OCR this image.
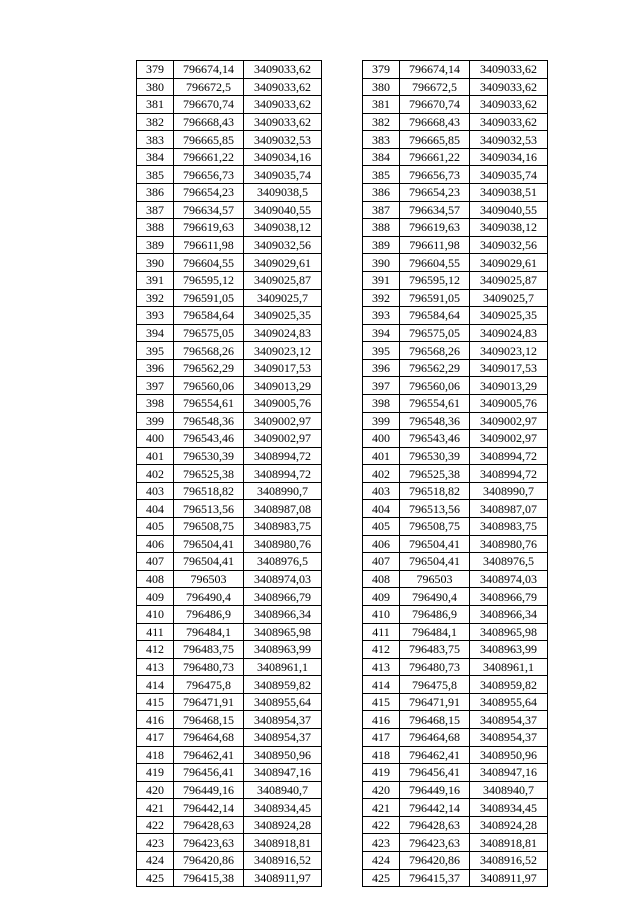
379	796674,14	3409033,62
380	796672,5	3409033,62
381	796670,74	3409033,62
382	796668,43	3409033,62
383	796665,85	3409032,53
384	796661,22	3409034,16
385	796656,73	3409035,74
386	796654,23	3409038,5
387	796634,57	3409040,55
388	796619,63	3409038,12
389	796611,98	3409032,56
390	796604,55	3409029,61
391	796595,12	3409025,87
392	796591,05	3409025,7
393	796584,64	3409025,35
394	796575,05	3409024,83
395	796568,26	3409023,12
396	796562,29	3409017,53
397	796560,06	3409013,29
398	796554,61	3409005,76
399	796548,36	3409002,97
400	796543,46	3409002,97
401	796530,39	3408994,72
402	796525,38	3408994,72
403	796518,82	3408990,7
404	796513,56	3408987,08
405	796508,75	3408983,75
406	796504,41	3408980,76
407	796504,41	3408976,5
408	796503	3408974,03
409	796490,4	3408966,79
410	796486,9	3408966,34
411	796484,1	3408965,98
412	796483,75	3408963,99
413	796480,73	3408961,1
414	796475,8	3408959,82
415	796471,91	3408955,64
416	796468,15	3408954,37
417	796464,68	3408954,37
418	796462,41	3408950,96
419	796456,41	3408947,16
420	796449,16	3408940,7
421	796442,14	3408934,45
422	796428,63	3408924,28
423	796423,63	3408918,81
424	796420,86	3408916,52
425	796415,38	3408911,97
379	796674,14	3409033,62
380	796672,5	3409033,62
381	796670,74	3409033,62
382	796668,43	3409033,62
383	796665,85	3409032,53
384	796661,22	3409034,16
385	796656,73	3409035,74
386	796654,23	3409038,51
387	796634,57	3409040,55
388	796619,63	3409038,12
389	796611,98	3409032,56
390	796604,55	3409029,61
391	796595,12	3409025,87
392	796591,05	3409025,7
393	796584,64	3409025,35
394	796575,05	3409024,83
395	796568,26	3409023,12
396	796562,29	3409017,53
397	796560,06	3409013,29
398	796554,61	3409005,76
399	796548,36	3409002,97
400	796543,46	3409002,97
401	796530,39	3408994,72
402	796525,38	3408994,72
403	796518,82	3408990,7
404	796513,56	3408987,07
405	796508,75	3408983,75
406	796504,41	3408980,76
407	796504,41	3408976,5
408	796503	3408974,03
409	796490,4	3408966,79
410	796486,9	3408966,34
411	796484,1	3408965,98
412	796483,75	3408963,99
413	796480,73	3408961,1
414	796475,8	3408959,82
415	796471,91	3408955,64
416	796468,15	3408954,37
417	796464,68	3408954,37
418	796462,41	3408950,96
419	796456,41	3408947,16
420	796449,16	3408940,7
421	796442,14	3408934,45
422	796428,63	3408924,28
423	796423,63	3408918,81
424	796420,86	3408916,52
425	796415,37	3408911,97
